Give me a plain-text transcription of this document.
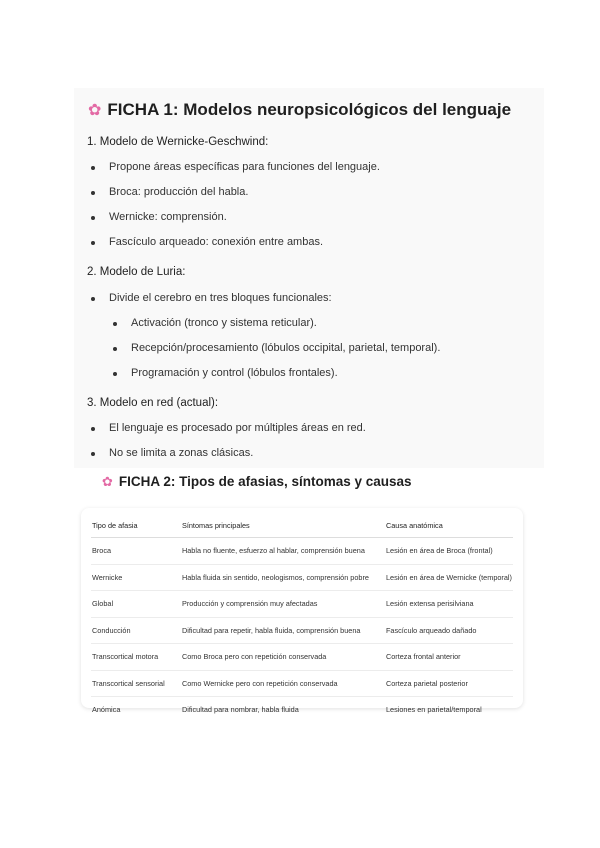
✿ FICHA 1: Modelos neuropsicológicos del lenguaje

1. Modelo de Wernicke-Geschwind:

Propone áreas específicas para funciones del lenguaje.
Broca: producción del habla.
Wernicke: comprensión.
Fascículo arqueado: conexión entre ambas.

2. Modelo de Luria:

Divide el cerebro en tres bloques funcionales:
Activación (tronco y sistema reticular).
Recepción/procesamiento (lóbulos occipital, parietal, temporal).
Programación y control (lóbulos frontales).

3. Modelo en red (actual):

El lenguaje es procesado por múltiples áreas en red.
No se limita a zonas clásicas.
✿ FICHA 2: Tipos de afasias, síntomas y causas
Tipo de afasia	Síntomas principales	Causa anatómica
Broca	Habla no fluente, esfuerzo al hablar, comprensión buena	Lesión en área de Broca (frontal)
Wernicke	Habla fluida sin sentido, neologismos, comprensión pobre	Lesión en área de Wernicke (temporal)
Global	Producción y comprensión muy afectadas	Lesión extensa perisilviana
Conducción	Dificultad para repetir, habla fluida, comprensión buena	Fascículo arqueado dañado
Transcortical motora	Como Broca pero con repetición conservada	Corteza frontal anterior
Transcortical sensorial	Como Wernicke pero con repetición conservada	Corteza parietal posterior
Anómica	Dificultad para nombrar, habla fluida	Lesiones en parietal/temporal
